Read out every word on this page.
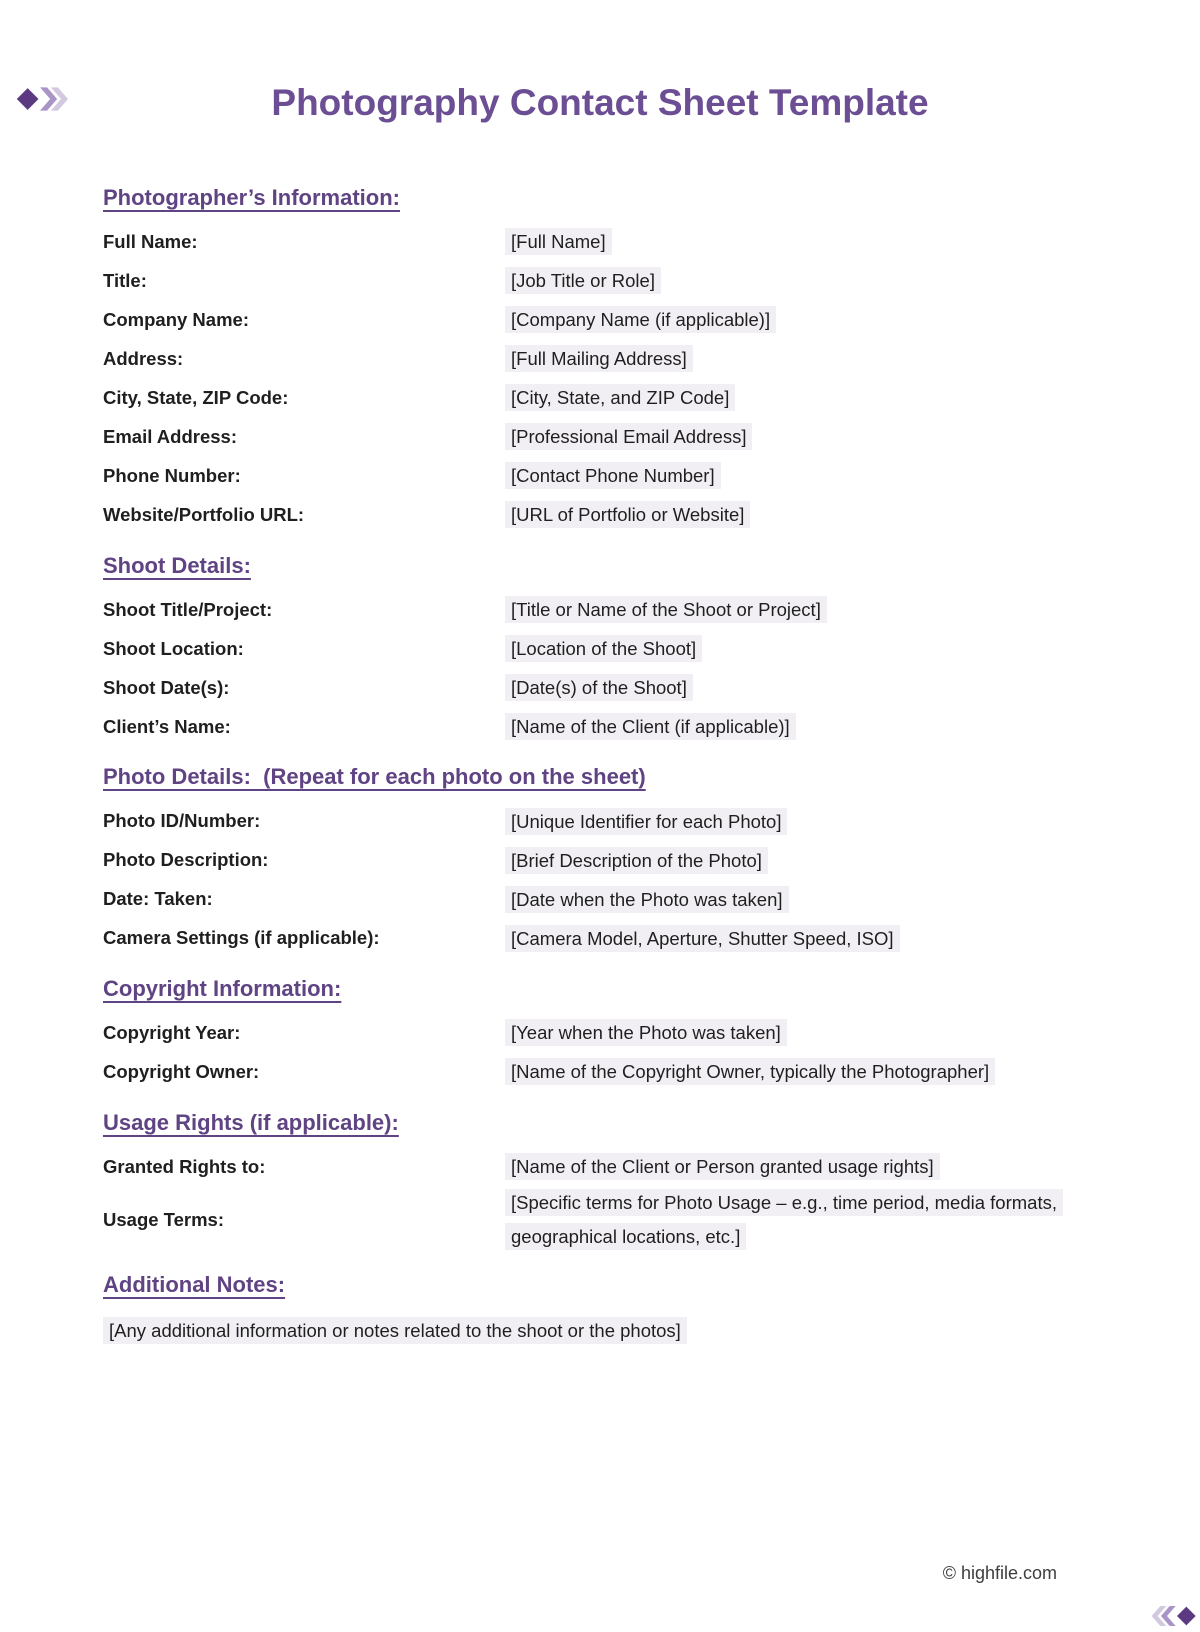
Photography Contact Sheet Template
Photographer’s Information:
Full Name:	[Full Name]
Title:	[Job Title or Role]
Company Name:	[Company Name (if applicable)]
Address:	[Full Mailing Address]
City, State, ZIP Code:	[City, State, and ZIP Code]
Email Address:	[Professional Email Address]
Phone Number:	[Contact Phone Number]
Website/Portfolio URL:	[URL of Portfolio or Website]
Shoot Details:
Shoot Title/Project:	[Title or Name of the Shoot or Project]
Shoot Location:	[Location of the Shoot]
Shoot Date(s):	[Date(s) of the Shoot]
Client’s Name:	[Name of the Client (if applicable)]
Photo Details:  (Repeat for each photo on the sheet)
Photo ID/Number:	[Unique Identifier for each Photo]
Photo Description:	[Brief Description of the Photo]
Date: Taken:	[Date when the Photo was taken]
Camera Settings (if applicable):	[Camera Model, Aperture, Shutter Speed, ISO]
Copyright Information:
Copyright Year:	[Year when the Photo was taken]
Copyright Owner:	[Name of the Copyright Owner, typically the Photographer]
Usage Rights (if applicable):
Granted Rights to:	[Name of the Client or Person granted usage rights]
Usage Terms:
[Specific terms for Photo Usage – e.g., time period, media formats, geographical locations, etc.]
Additional Notes:
[Any additional information or notes related to the shoot or the photos]
© highfile.com
